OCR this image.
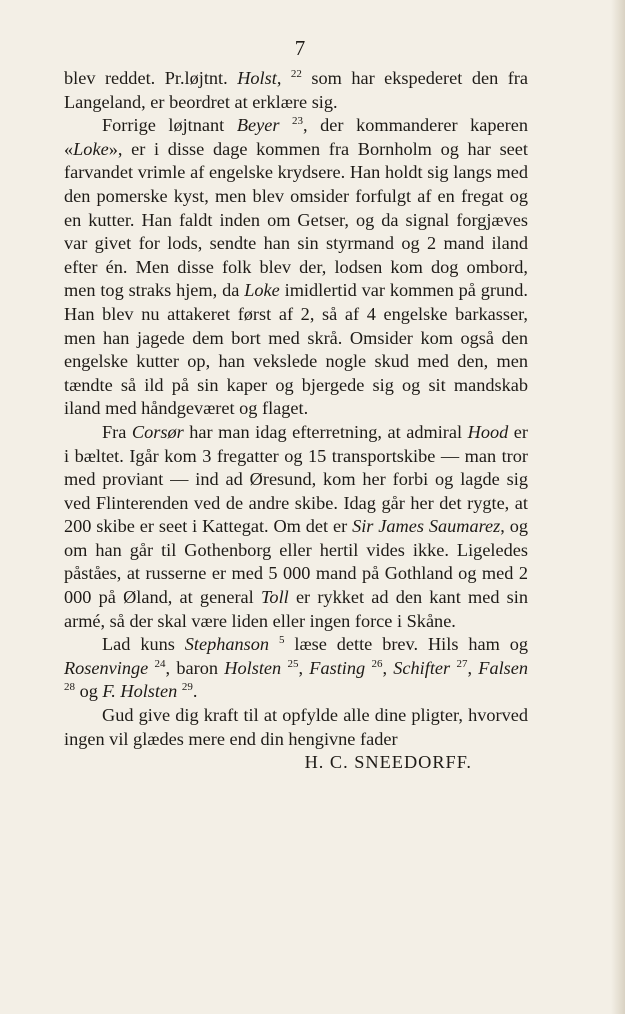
7

blev reddet. Pr.løjtnt. Holst, $^{22}$ som har ekspederet den fra Langeland, er beordret at erklære sig.

Forrige løjtnant Beyer $^{23}$, der kommanderer kaperen «Loke», er i disse dage kommen fra Bornholm og har seet farvandet vrimle af engelske krydsere. Han holdt sig langs med den pomerske kyst, men blev omsider forfulgt af en fregat og en kutter. Han faldt inden om Getser, og da signal forgjæves var givet for lods, sendte han sin styrmand og 2 mand iland efter én. Men disse folk blev der, lodsen kom dog ombord, men tog straks hjem, da Loke imidlertid var kommen på grund. Han blev nu attakeret først af 2, så af 4 engelske barkasser, men han jagede dem bort med skrå. Omsider kom også den engelske kutter op, han vekslede nogle skud med den, men tændte så ild på sin kaper og bjergede sig og sit mandskab iland med håndgeværet og flaget.

Fra Corsør har man idag efterretning, at admiral Hood er i bæltet. Igår kom 3 fregatter og 15 transportskibe — man tror med proviant — ind ad Øresund, kom her forbi og lagde sig ved Flinterenden ved de andre skibe. Idag går her det rygte, at 200 skibe er seet i Kattegat. Om det er Sir James Saumarez, og om han går til Gothenborg eller hertil vides ikke. Ligeledes påståes, at russerne er med 5 000 mand på Gothland og med 2 000 på Øland, at general Toll er rykket ad den kant med sin armé, så der skal være liden eller ingen force i Skåne.

Lad kuns Stephanson $^5$ læse dette brev. Hils ham og Rosenvinge $^{24}$, baron Holsten $^{25}$, Fasting $^{26}$, Schifter $^{27}$, Falsen $^{28}$ og F. Holsten $^{29}$.

Gud give dig kraft til at opfylde alle dine pligter, hvorved ingen vil glædes mere end din hengivne fader

H. C. SNEEDORFF.
